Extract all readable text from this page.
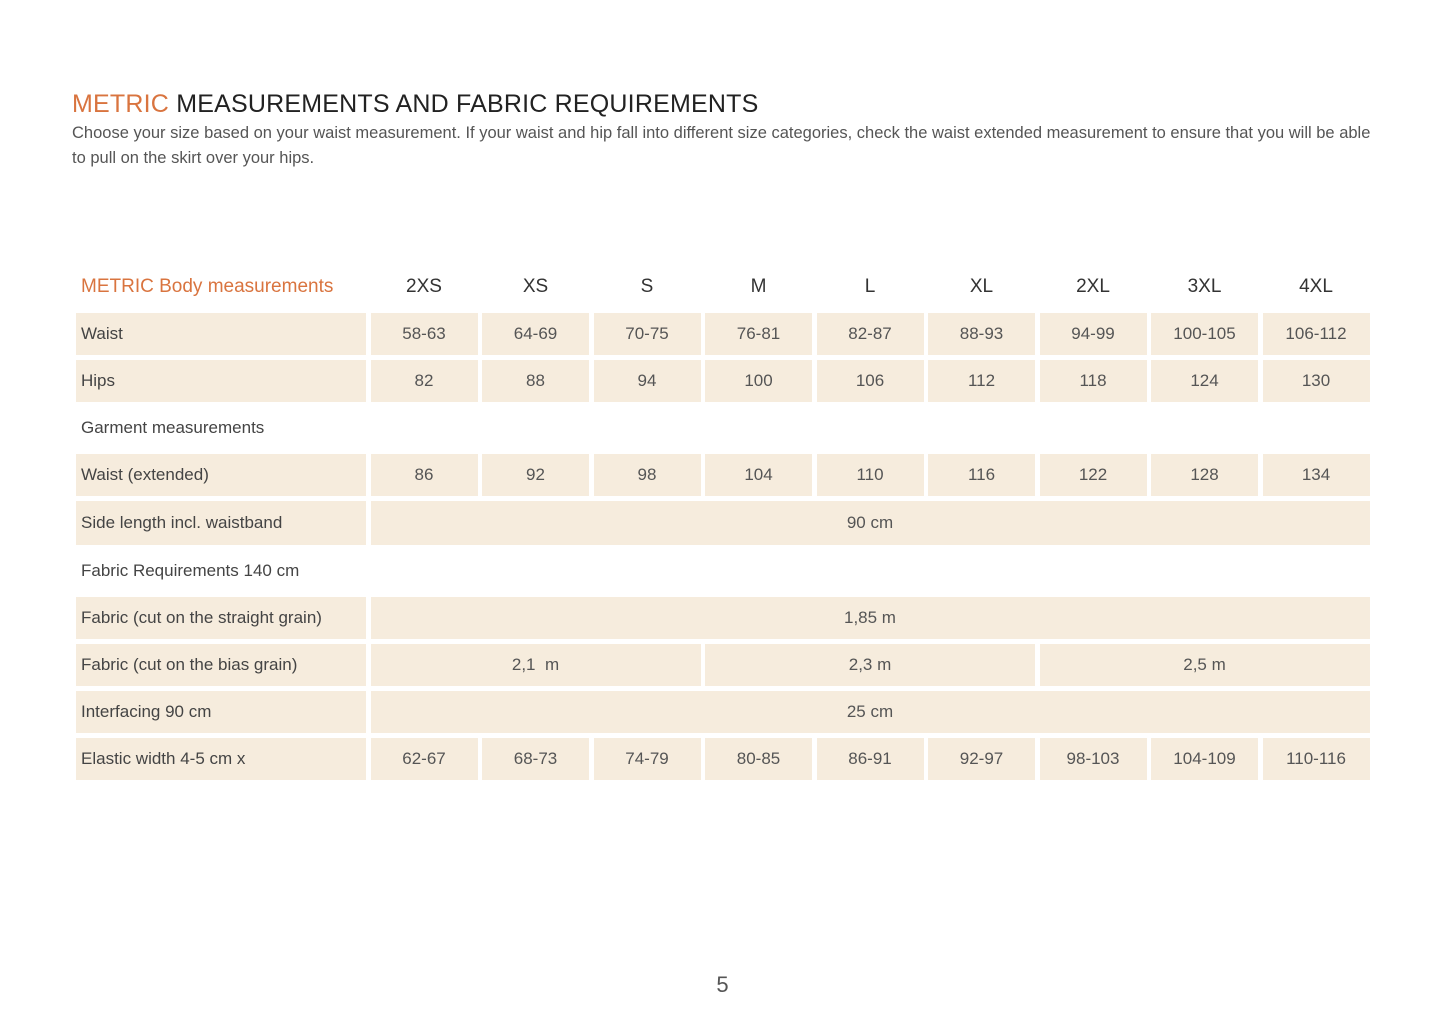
METRIC MEASUREMENTS AND FABRIC REQUIREMENTS

Choose your size based on your waist measurement. If your waist and hip fall into different size categories, check the waist extended measurement to ensure that you will be able to pull on the skirt over your hips.

METRIC Body measurements	2XS	XS	S	M	L	XL	2XL	3XL	4XL
Waist	58-63	64-69	70-75	76-81	82-87	88-93	94-99	100-105	106-112
Hips	82	88	94	100	106	112	118	124	130
Garment measurements
Waist (extended)	86	92	98	104	110	116	122	128	134
Side length incl. waistband	90 cm
Fabric Requirements 140 cm
Fabric (cut on the straight grain)	1,85 m
Fabric (cut on the bias grain)	2,1  m	2,3 m	2,5 m
Interfacing 90 cm	25 cm
Elastic width 4-5 cm x	62-67	68-73	74-79	80-85	86-91	92-97	98-103	104-109	110-116
5
